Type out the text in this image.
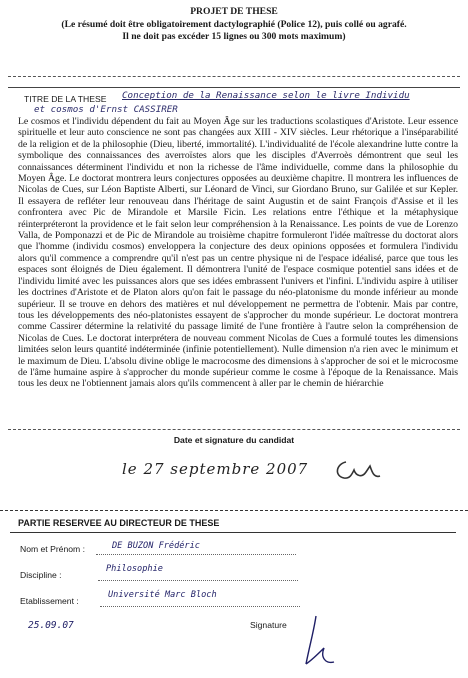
PROJET DE THESE
(Le résumé doit être obligatoirement dactylographié (Police 12), puis collé ou agrafé.
Il ne doit pas excéder 15 lignes ou 300 mots maximum)
TITRE DE LA THESE Conception de la Renaissance selon le livre Individu
et cosmos d'Ernst CASSIRER

Le cosmos et l'individu dépendent du fait au Moyen Âge sur les traductions scolastiques d'Aristote. Leur essence spirituelle et leur auto conscience ne sont pas changées aux XIII - XIV siècles. Leur rhétorique a l'inséparabilité de la religion et de la philosophie (Dieu, liberté, immortalité). L'individualité de l'école alexandrine lutte contre la symbolique des connaissances des averroïstes alors que les disciples d'Averroès démontrent que seul les connaissances déterminent l'individu et non la richesse de l'âme individuelle, comme dans la philosophie du Moyen Âge. Le doctorat montrera leurs conjectures opposées au deuxième chapitre. Il montrera les influences de Nicolas de Cues, sur Léon Baptiste Alberti, sur Léonard de Vinci, sur Giordano Bruno, sur Galilée et sur Kepler. Il essayera de refléter leur renouveau dans l'héritage de saint Augustin et de saint François d'Assise et il les confrontera avec Pic de Mirandole et Marsile Ficin. Les relations entre l'éthique et la métaphysique réinterpréteront la providence et le fait selon leur compréhension à la Renaissance. Les points de vue de Lorenzo Valla, de Pomponazzi et de Pic de Mirandole au troisième chapitre formuleront l'idée maîtresse du doctorat alors que l'homme (individu cosmos) enveloppera la conjecture des deux opinions opposées et formulera l'individu alors qu'il commence a comprendre qu'il n'est pas un centre physique ni de l'espace idéalisé, parce que tous les espaces sont éloignés de Dieu également. Il démontrera l'unité de l'espace cosmique potentiel sans idées et de l'individu limité avec les puissances alors que ses idées embrassent l'univers et l'infini. L'individu aspire à utiliser les doctrines d'Aristote et de Platon alors qu'on fait le passage du néo-platonisme du monde inférieur au monde supérieur. Il se trouve en dehors des matières et nul développement ne permettra de l'obtenir. Mais par contre, tous les développements des néo-platonistes essayent de s'approcher du monde supérieur. Le doctorat montrera comme Cassirer détermine la relativité du passage limité de l'une frontière à l'autre selon la compréhension de Nicolas de Cues. Le doctorat interprétera de nouveau comment Nicolas de Cues a formulé toutes les dimensions limitées selon leurs quantité indéterminée (infinie potentiellement). Nulle dimension n'a rien avec le minimum et le maximum de Dieu. L'absolu divine oblige le macrocosme des dimensions à s'approcher de soi et le microcosme de l'âme humaine aspire à s'approcher du monde supérieur comme le cosme à l'époque de la Renaissance. Mais tous les deux ne l'obtiennent jamais alors qu'ils commencent à aller par le chemin de hiérarchie

Date et signature du candidat
le 27 septembre 2007
PARTIE RESERVEE AU DIRECTEUR DE THESE
Nom et Prénom :	DE BUZON Frédéric
Discipline :
Philosophie
Etablissement :
Université Marc Bloch
25.09.07	Signature
